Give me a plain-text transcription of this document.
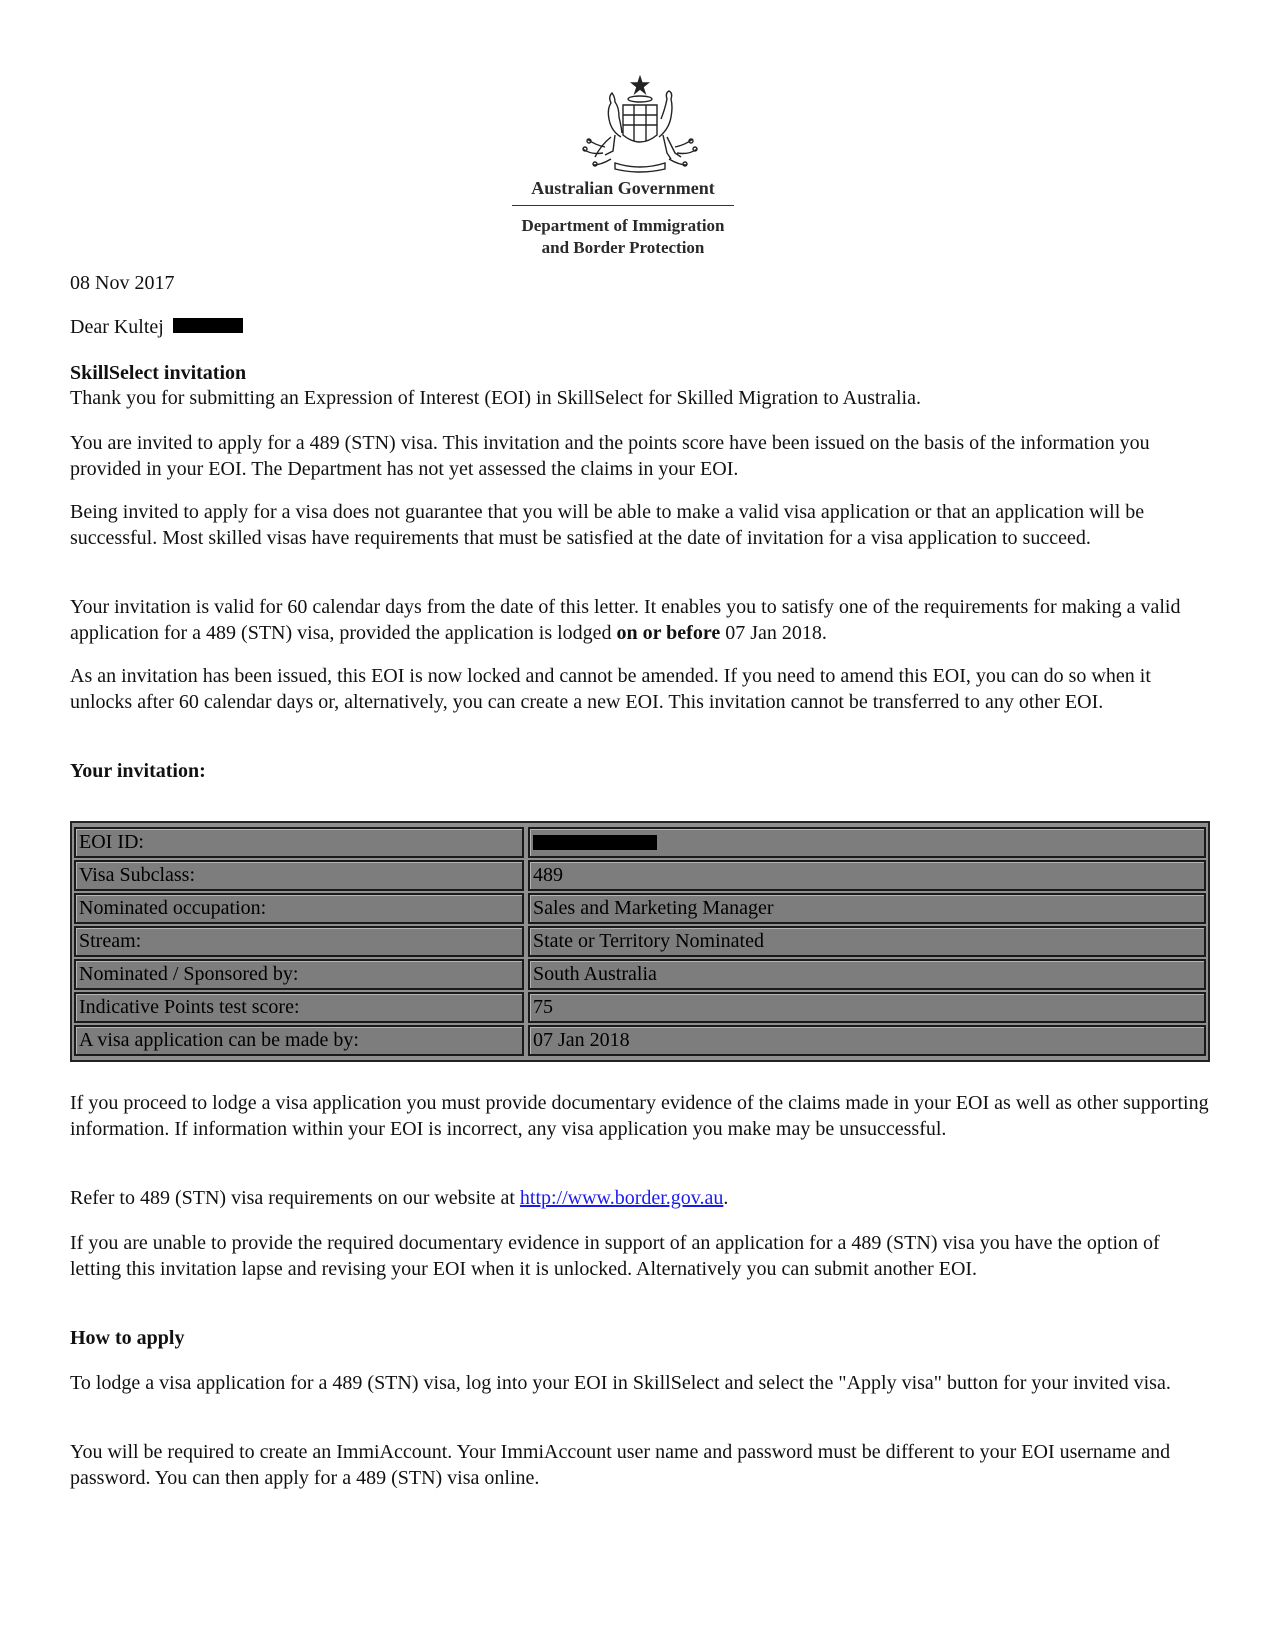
Australian Government
Department of Immigration
and Border Protection

08 Nov 2017

Dear Kultej

SkillSelect invitation

Thank you for submitting an Expression of Interest (EOI) in SkillSelect for Skilled Migration to Australia.

You are invited to apply for a 489 (STN) visa. This invitation and the points score have been issued on the basis of the information you provided in your EOI. The Department has not yet assessed the claims in your EOI.

Being invited to apply for a visa does not guarantee that you will be able to make a valid visa application or that an application will be successful. Most skilled visas have requirements that must be satisfied at the date of invitation for a visa application to succeed.

Your invitation is valid for 60 calendar days from the date of this letter. It enables you to satisfy one of the requirements for making a valid application for a 489 (STN) visa, provided the application is lodged on or before 07 Jan 2018.

As an invitation has been issued, this EOI is now locked and cannot be amended. If you need to amend this EOI, you can do so when it unlocks after 60 calendar days or, alternatively, you can create a new EOI. This invitation cannot be transferred to any other EOI.

Your invitation:

EOI ID:
Visa Subclass:	489
Nominated occupation:	Sales and Marketing Manager
Stream:	State or Territory Nominated
Nominated / Sponsored by:	South Australia
Indicative Points test score:	75
A visa application can be made by:	07 Jan 2018

If you proceed to lodge a visa application you must provide documentary evidence of the claims made in your EOI as well as other supporting information. If information within your EOI is incorrect, any visa application you make may be unsuccessful.

Refer to 489 (STN) visa requirements on our website at http://www.border.gov.au.

If you are unable to provide the required documentary evidence in support of an application for a 489 (STN) visa you have the option of letting this invitation lapse and revising your EOI when it is unlocked. Alternatively you can submit another EOI.

How to apply

To lodge a visa application for a 489 (STN) visa, log into your EOI in SkillSelect and select the "Apply visa" button for your invited visa.

You will be required to create an ImmiAccount. Your ImmiAccount user name and password must be different to your EOI username and password. You can then apply for a 489 (STN) visa online.
